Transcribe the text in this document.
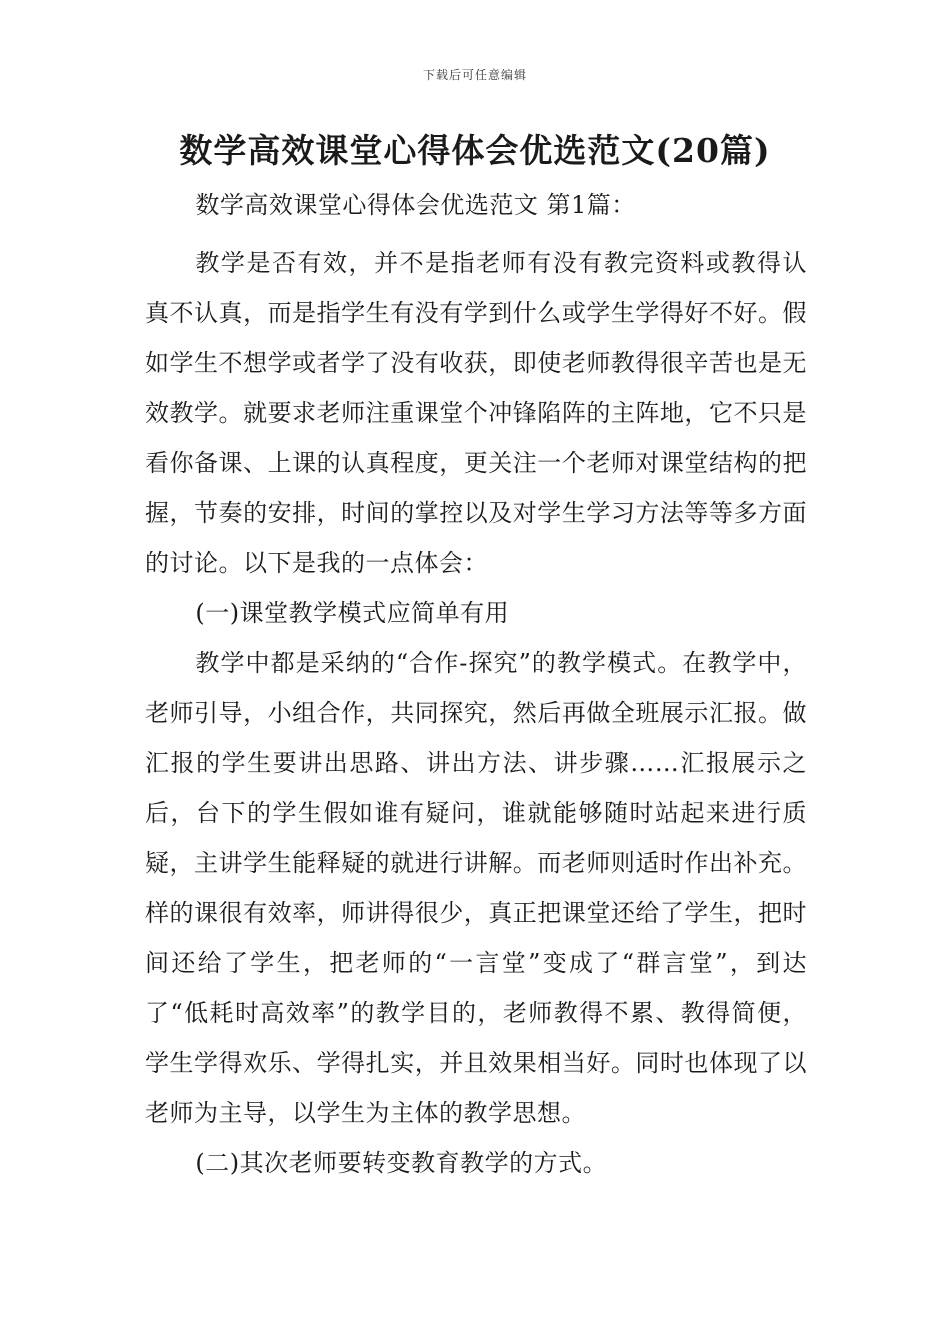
下载后可任意编辑
数学高效课堂心得体会优选范文(20篇)

数学高效课堂心得体会优选范文 第1篇：

教学是否有效，并不是指老师有没有教完资料或教得认真不认真，而是指学生有没有学到什么或学生学得好不好。假如学生不想学或者学了没有收获，即使老师教得很辛苦也是无效教学。就要求老师注重课堂个冲锋陷阵的主阵地，它不只是看你备课、上课的认真程度，更关注一个老师对课堂结构的把握，节奏的安排，时间的掌控以及对学生学习方法等等多方面的讨论。以下是我的一点体会：

(一)课堂教学模式应简单有用

教学中都是采纳的“合作-探究”的教学模式。在教学中，老师引导，小组合作，共同探究，然后再做全班展示汇报。做汇报的学生要讲出思路、讲出方法、讲步骤……汇报展示之后，台下的学生假如谁有疑问，谁就能够随时站起来进行质疑，主讲学生能释疑的就进行讲解。而老师则适时作出补充。样的课很有效率，师讲得很少，真正把课堂还给了学生，把时间还给了学生，把老师的“一言堂”变成了“群言堂”，到达了“低耗时高效率”的教学目的，老师教得不累、教得简便，学生学得欢乐、学得扎实，并且效果相当好。同时也体现了以老师为主导，以学生为主体的教学思想。

(二)其次老师要转变教育教学的方式。
